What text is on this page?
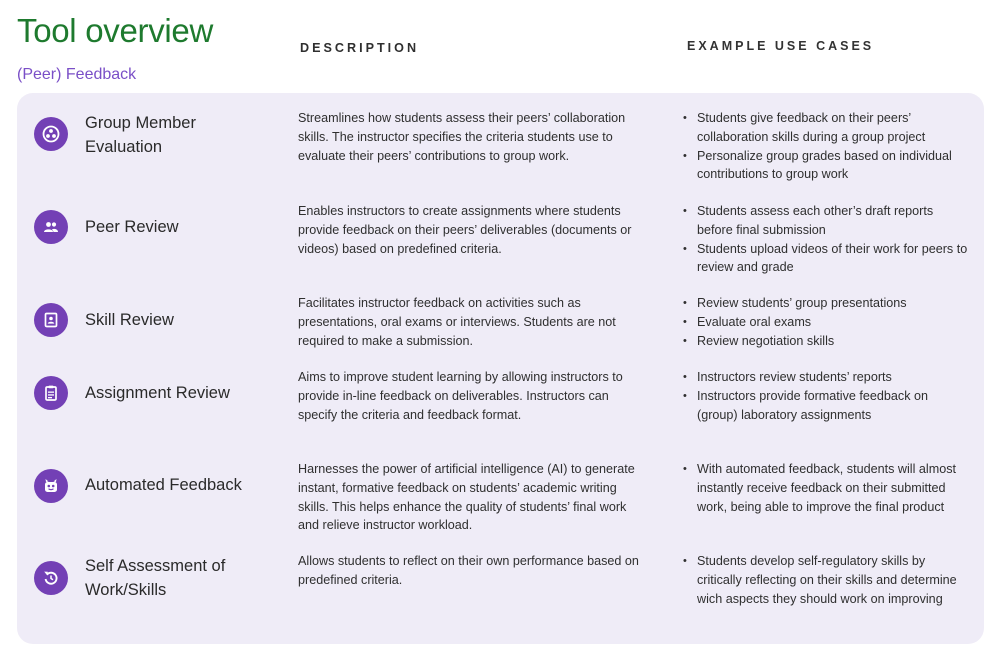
Tool overview
(Peer) Feedback
DESCRIPTION	EXAMPLE USE CASES
Group Member Evaluation
Streamlines how students assess their peers’ collaboration skills. The instructor specifies the criteria students use to evaluate their peers’ contributions to group work.
• Students give feedback on their peers’ collaboration skills during a group project
• Personalize group grades based on individual contributions to group work
Peer Review
Enables instructors to create assignments where students provide feedback on their peers’ deliverables (documents or videos) based on predefined criteria.
• Students assess each other’s draft reports before final submission
• Students upload videos of their work for peers to review and grade
Skill Review
Facilitates instructor feedback on activities such as presentations, oral exams or interviews. Students are not required to make a submission.
• Review students’ group presentations
• Evaluate oral exams
• Review negotiation skills
Assignment Review
Aims to improve student learning by allowing instructors to provide in-line feedback on deliverables. Instructors can specify the criteria and feedback format.
• Instructors review students’ reports
• Instructors provide formative feedback on (group) laboratory assignments
Automated Feedback
Harnesses the power of artificial intelligence (AI) to generate instant, formative feedback on students’ academic writing skills. This helps enhance the quality of students’ final work and relieve instructor workload.
• With automated feedback, students will almost instantly receive feedback on their submitted work, being able to improve the final product
Self Assessment of Work/Skills
Allows students to reflect on their own performance based on predefined criteria.
• Students develop self-regulatory skills by critically reflecting on their skills and determine wich aspects they should work on improving
